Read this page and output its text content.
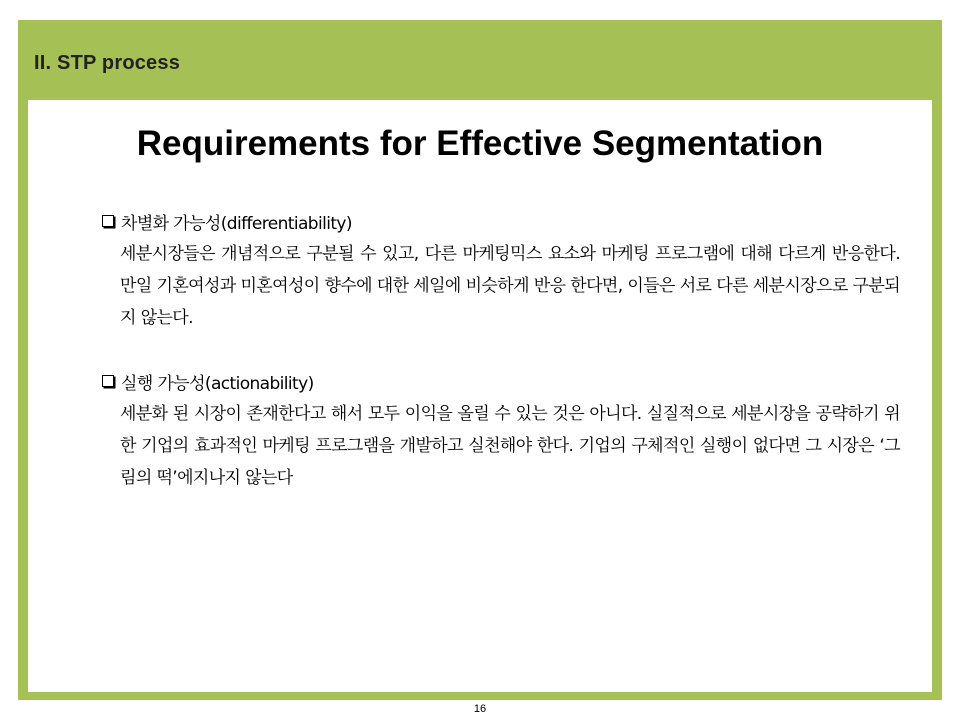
II. STP process
Requirements for Effective Segmentation
차별화 가능성(differentiability)
세분시장들은 개념적으로 구분될 수 있고, 다른 마케팅믹스 요소와 마케팅 프로그램에 대해 다르게 반응한다. 만일 기혼여성과 미혼여성이 향수에 대한 세일에 비슷하게 반응 한다면, 이들은 서로 다른 세분시장으로 구분되지 않는다.
실행 가능성(actionability)
세분화 된 시장이 존재한다고 해서 모두 이익을 올릴 수 있는 것은 아니다. 실질적으로 세분시장을 공략하기 위한 기업의 효과적인 마케팅 프로그램을 개발하고 실천해야 한다. 기업의 구체적인 실행이 없다면 그 시장은 ‘그림의 떡’에지나지 않는다
16
